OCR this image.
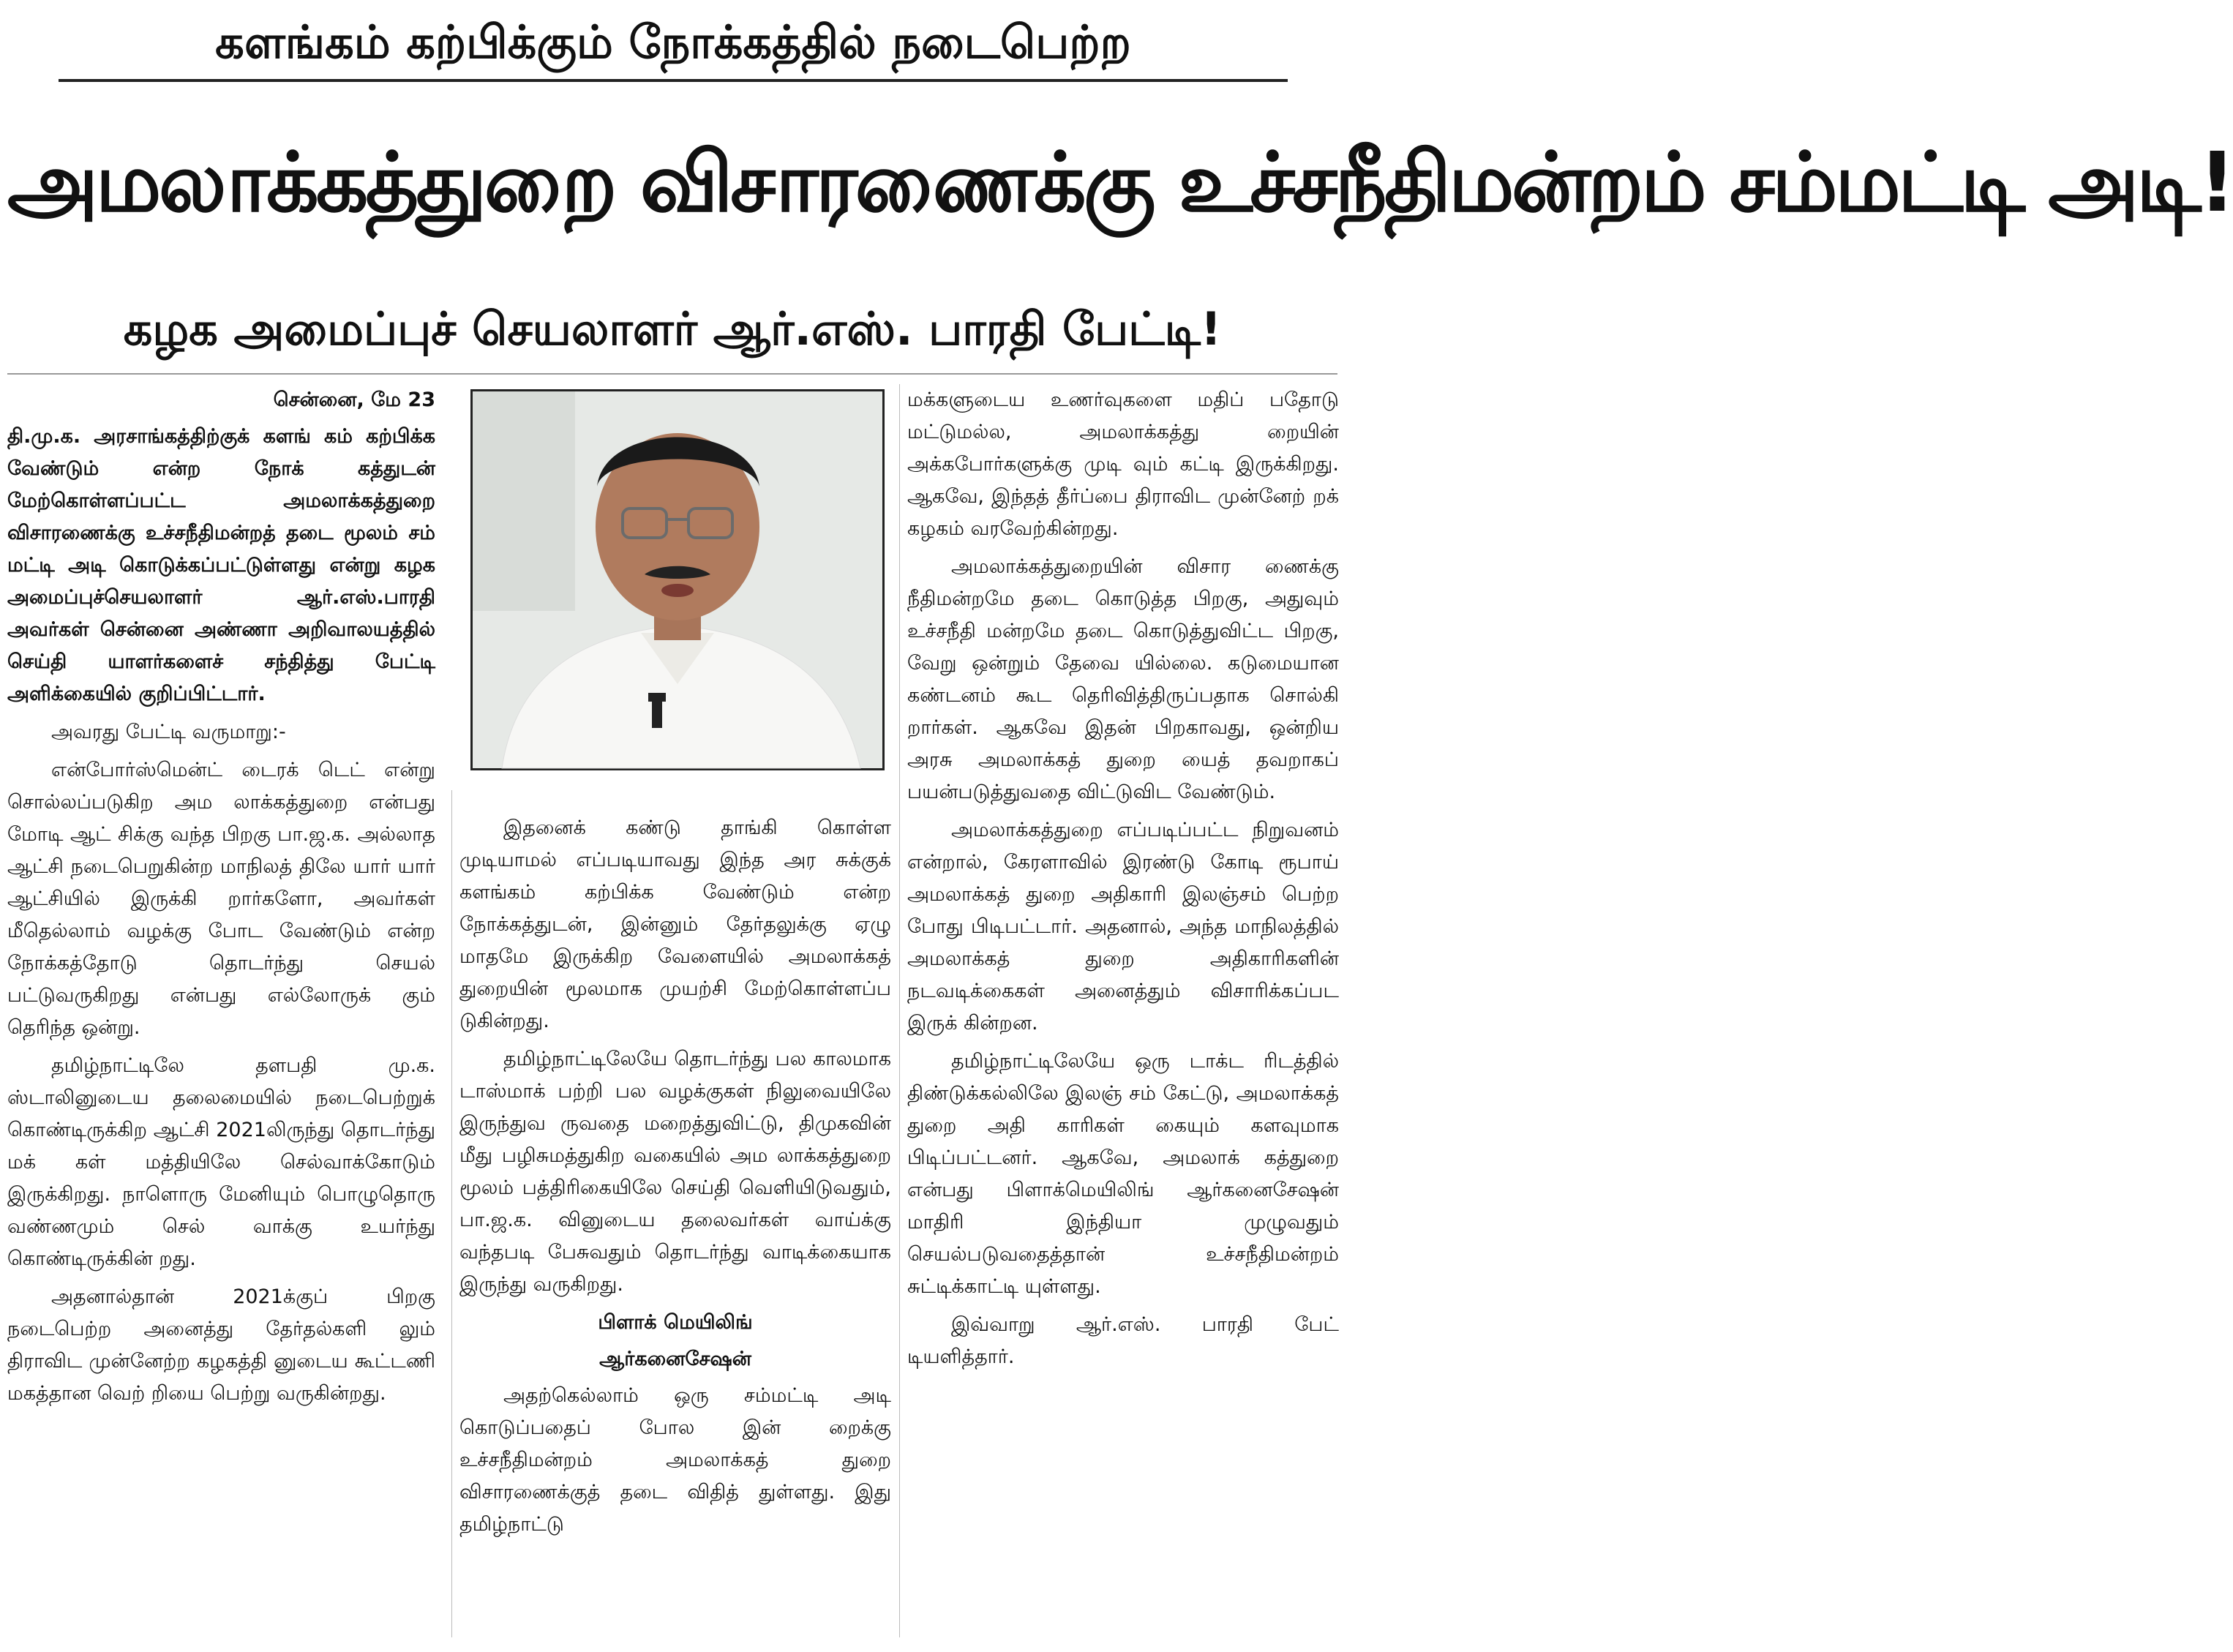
களங்கம் கற்பிக்கும் நோக்கத்தில் நடைபெற்ற
அமலாக்கத்துறை விசாரணைக்கு உச்சநீதிமன்றம் சம்மட்டி அடி!
கழக அமைப்புச் செயலாளர் ஆர்.எஸ். பாரதி பேட்டி!
சென்னை, மே 23

தி.மு.க. அரசாங்கத்திற்குக் களங் கம் கற்பிக்க வேண்டும் என்ற நோக் கத்துடன் மேற்கொள்ளப்பட்ட அமலாக்கத்துறை விசாரணைக்கு உச்சநீதிமன்றத் தடை மூலம் சம் மட்டி அடி கொடுக்கப்பட்டுள்ளது என்று கழக அமைப்புச்செயலாளர் ஆர்.எஸ்.பாரதி அவர்கள் சென்னை அண்ணா அறிவாலயத்தில் செய்தி யாளர்களைச் சந்தித்து பேட்டி அளிக்கையில் குறிப்பிட்டார்.

அவரது பேட்டி வருமாறு:-

என்போர்ஸ்மென்ட் டைரக் டெட் என்று சொல்லப்படுகிற அம லாக்கத்துறை என்பது மோடி ஆட் சிக்கு வந்த பிறகு பா.ஜ.க. அல்லாத ஆட்சி நடைபெறுகின்ற மாநிலத் திலே யார் யார் ஆட்சியில் இருக்கி றார்களோ, அவர்கள் மீதெல்லாம் வழக்கு போட வேண்டும் என்ற நோக்கத்தோடு தொடர்ந்து செயல் பட்டுவருகிறது என்பது எல்லோருக் கும் தெரிந்த ஒன்று.

தமிழ்நாட்டிலே தளபதி மு.க. ஸ்டாலினுடைய தலைமையில் நடைபெற்றுக் கொண்டிருக்கிற ஆட்சி 2021லிருந்து தொடர்ந்து மக் கள் மத்தியிலே செல்வாக்கோடும் இருக்கிறது. நாளொரு மேனியும் பொழுதொரு வண்ணமும் செல் வாக்கு உயர்ந்து கொண்டிருக்கின் றது.

அதனால்தான் 2021க்குப் பிறகு நடைபெற்ற அனைத்து தேர்தல்களி லும் திராவிட முன்னேற்ற கழகத்தி னுடைய கூட்டணி மகத்தான வெற் றியை பெற்று வருகின்றது.

இதனைக் கண்டு தாங்கி கொள்ள முடியாமல் எப்படியாவது இந்த அர சுக்குக் களங்கம் கற்பிக்க வேண்டும் என்ற நோக்கத்துடன், இன்னும் தேர்தலுக்கு ஏழு மாதமே இருக்கிற வேளையில் அமலாக்கத் துறையின் மூலமாக முயற்சி மேற்கொள்ளப்ப டுகின்றது.

தமிழ்நாட்டிலேயே தொடர்ந்து பல காலமாக டாஸ்மாக் பற்றி பல வழக்குகள் நிலுவையிலே இருந்துவ ருவதை மறைத்துவிட்டு, திமுகவின் மீது பழிசுமத்துகிற வகையில் அம லாக்கத்துறை மூலம் பத்திரிகையிலே செய்தி வெளியிடுவதும், பா.ஜ.க. வினுடைய தலைவர்கள் வாய்க்கு வந்தபடி பேசுவதும் தொடர்ந்து வாடிக்கையாக இருந்து வருகிறது.

பிளாக் மெயிலிங்
ஆர்கனைசேஷன்

அதற்கெல்லாம் ஒரு சம்மட்டி அடி கொடுப்பதைப் போல இன் றைக்கு உச்சநீதிமன்றம் அமலாக்கத் துறை விசாரணைக்குத் தடை விதித் துள்ளது. இது தமிழ்நாட்டு

மக்களுடைய உணர்வுகளை மதிப் பதோடு மட்டுமல்ல, அமலாக்கத்து றையின் அக்கபோர்களுக்கு முடி வும் கட்டி இருக்கிறது. ஆகவே, இந்தத் தீர்ப்பை திராவிட முன்னேற் றக் கழகம் வரவேற்கின்றது.

அமலாக்கத்துறையின் விசார ணைக்கு நீதிமன்றமே தடை கொடுத்த பிறகு, அதுவும் உச்சநீதி மன்றமே தடை கொடுத்துவிட்ட பிறகு, வேறு ஒன்றும் தேவை யில்லை. கடுமையான கண்டனம் கூட தெரிவித்திருப்பதாக சொல்கி றார்கள். ஆகவே இதன் பிறகாவது, ஒன்றிய அரசு அமலாக்கத் துறை யைத் தவறாகப் பயன்படுத்துவதை விட்டுவிட வேண்டும்.

அமலாக்கத்துறை எப்படிப்பட்ட நிறுவனம் என்றால், கேரளாவில் இரண்டு கோடி ரூபாய் அமலாக்கத் துறை அதிகாரி இலஞ்சம் பெற்ற போது பிடிபட்டார். அதனால், அந்த மாநிலத்தில் அமலாக்கத் துறை அதிகாரிகளின் நடவடிக்கைகள் அனைத்தும் விசாரிக்கப்பட இருக் கின்றன.

தமிழ்நாட்டிலேயே ஒரு டாக்ட ரிடத்தில் திண்டுக்கல்லிலே இலஞ் சம் கேட்டு, அமலாக்கத் துறை அதி காரிகள் கையும் களவுமாக பிடிப்பட்டனர். ஆகவே, அமலாக் கத்துறை என்பது பிளாக்மெயிலிங் ஆர்கனைசேஷன் மாதிரி இந்தியா முழுவதும் செயல்படுவதைத்தான் உச்சநீதிமன்றம் சுட்டிக்காட்டி யுள்ளது.

இவ்வாறு ஆர்.எஸ். பாரதி பேட் டியளித்தார்.
